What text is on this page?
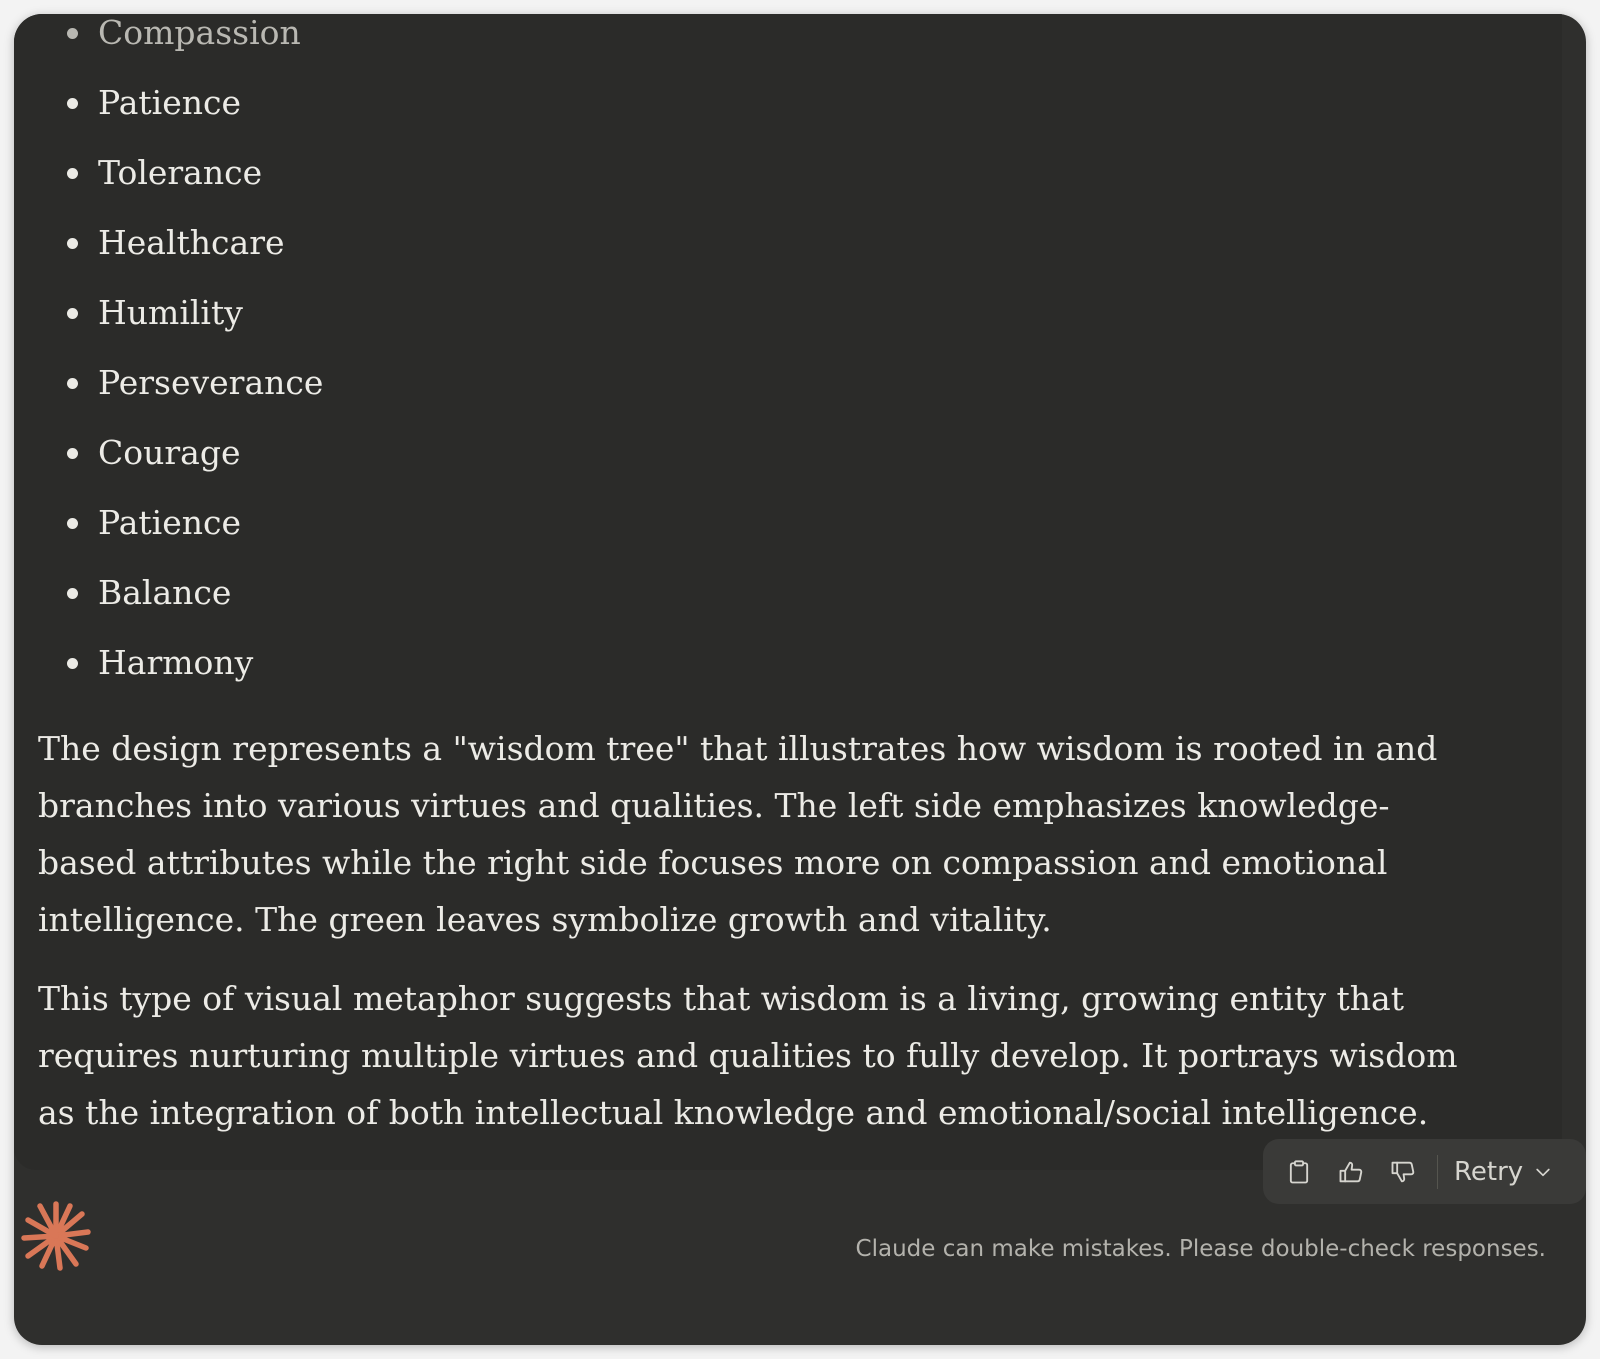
Compassion
Patience
Tolerance
Healthcare
Humility
Perseverance
Courage
Patience
Balance
Harmony

The design represents a "wisdom tree" that illustrates how wisdom is rooted in and branches into various virtues and qualities. The left side emphasizes knowledge-based attributes while the right side focuses more on compassion and emotional intelligence. The green leaves symbolize growth and vitality.

This type of visual metaphor suggests that wisdom is a living, growing entity that requires nurturing multiple virtues and qualities to fully develop. It portrays wisdom as the integration of both intellectual knowledge and emotional/social intelligence.

Retry
Claude can make mistakes. Please double-check responses.
